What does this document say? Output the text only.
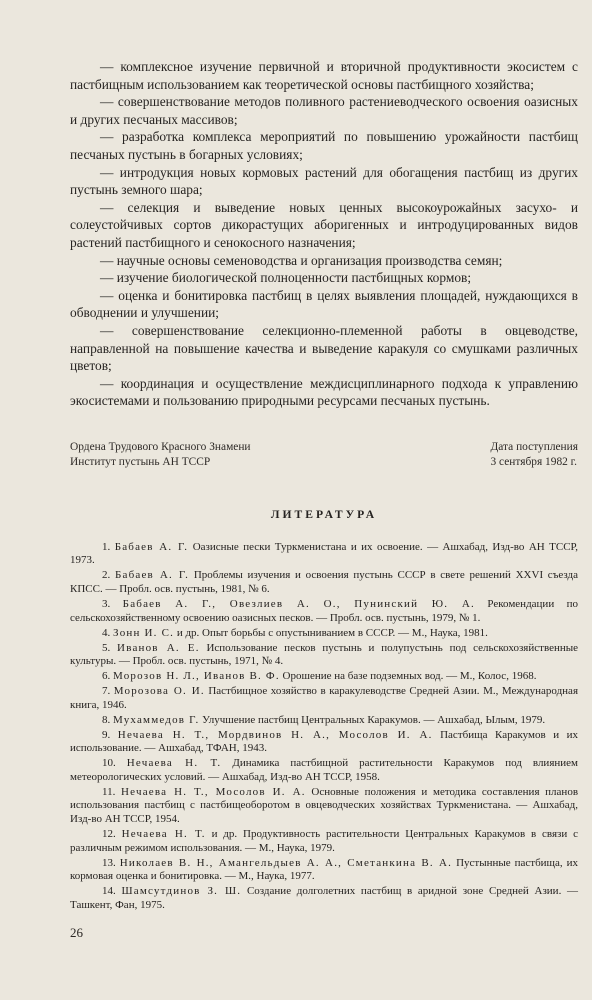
— комплексное изучение первичной и вторичной продуктивности экосистем с пастбищным использованием как теоретической основы пастбищного хозяйства;

— совершенствование методов поливного растениеводческого освоения оазисных и других песчаных массивов;

— разработка комплекса мероприятий по повышению урожайности пастбищ песчаных пустынь в богарных условиях;

— интродукция новых кормовых растений для обогащения пастбищ из других пустынь земного шара;

— селекция и выведение новых ценных высокоурожайных засухо- и солеустойчивых сортов дикорастущих аборигенных и интродуцированных видов растений пастбищного и сенокосного назначения;

— научные основы семеноводства и организация производства семян;

— изучение биологической полноценности пастбищных кормов;

— оценка и бонитировка пастбищ в целях выявления площадей, нуждающихся в обводнении и улучшении;

— совершенствование селекционно-племенной работы в овцеводстве, направленной на повышение качества и выведение каракуля со смушками различных цветов;

— координация и осуществление междисциплинарного подхода к управлению экосистемами и пользованию природными ресурсами песчаных пустынь.

Ордена Трудового Красного Знамени
Институт пустынь АН ТССР
Дата поступления
3 сентября 1982 г.
ЛИТЕРАТУРА

1. Бабаев А. Г. Оазисные пески Туркменистана и их освоение. — Ашхабад, Изд-во АН ТССР, 1973.

2. Бабаев А. Г. Проблемы изучения и освоения пустынь СССР в свете решений XXVI съезда КПСС. — Пробл. осв. пустынь, 1981, № 6.

3. Бабаев А. Г., Овезлиев А. О., Пунинский Ю. А. Рекомендации по сельскохозяйственному освоению оазисных песков. — Пробл. осв. пустынь, 1979, № 1.

4. Зонн И. С. и др. Опыт борьбы с опустыниванием в СССР. — М., Наука, 1981.

5. Иванов А. Е. Использование песков пустынь и полупустынь под сельскохозяйственные культуры. — Пробл. осв. пустынь, 1971, № 4.

6. Морозов Н. Л., Иванов В. Ф. Орошение на базе подземных вод. — М., Колос, 1968.

7. Морозова О. И. Пастбищное хозяйство в каракулеводстве Средней Азии. М., Международная книга, 1946.

8. Мухаммедов Г. Улучшение пастбищ Центральных Каракумов. — Ашхабад, Ылым, 1979.

9. Нечаева Н. Т., Мордвинов Н. А., Мосолов И. А. Пастбища Каракумов и их использование. — Ашхабад, ТФАН, 1943.

10. Нечаева Н. Т. Динамика пастбищной растительности Каракумов под влиянием метеорологических условий. — Ашхабад, Изд-во АН ТССР, 1958.

11. Нечаева Н. Т., Мосолов И. А. Основные положения и методика составления планов использования пастбищ с пастбищеоборотом в овцеводческих хозяйствах Туркменистана. — Ашхабад, Изд-во АН ТССР, 1954.

12. Нечаева Н. Т. и др. Продуктивность растительности Центральных Каракумов в связи с различным режимом использования. — М., Наука, 1979.

13. Николаев В. Н., Амангельдыев А. А., Сметанкина В. А. Пустынные пастбища, их кормовая оценка и бонитировка. — М., Наука, 1977.

14. Шамсутдинов З. Ш. Создание долголетних пастбищ в аридной зоне Средней Азии. — Ташкент, Фан, 1975.

26
